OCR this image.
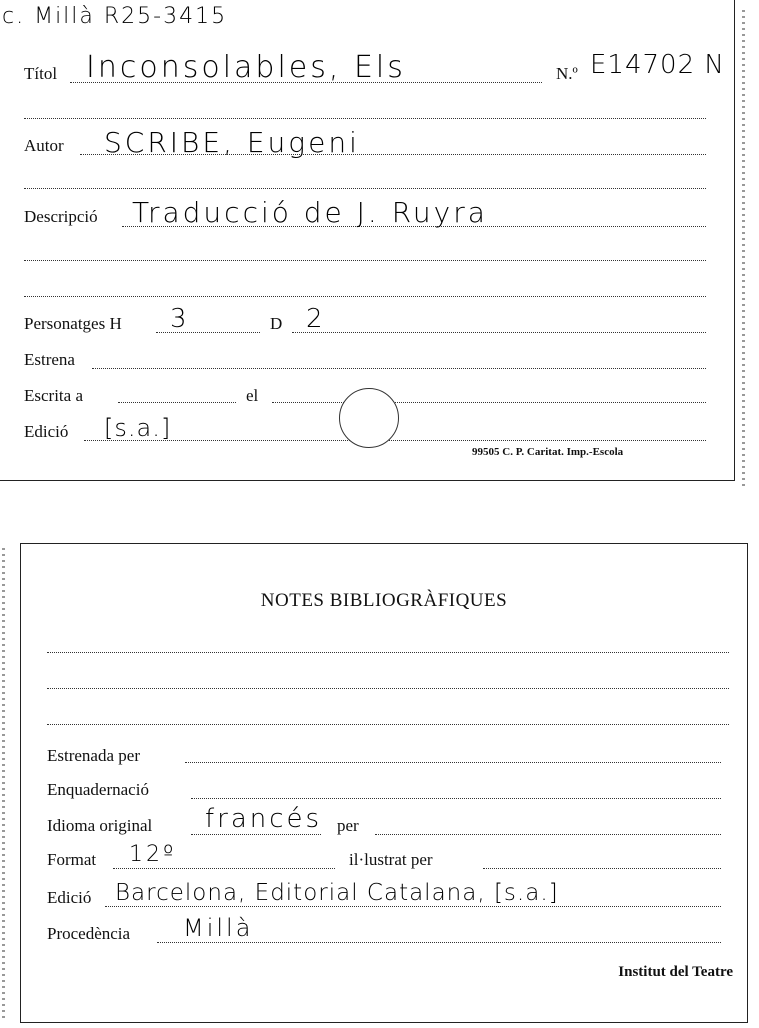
c. Millà R25-3415
Títol Inconsolables, Els	N.º E14702 N
Autor SCRIBE, Eugeni
Descripció Traducció de J. Ruyra
Personatges H 3	D 2
Estrena
Escrita a	el
Edició [s.a.]
99505 C. P. Caritat. Imp.-Escola
NOTES BIBLIOGRÀFIQUES
Estrenada per
Enquadernació
Idioma original francés per
Format 12º	il·lustrat per
Edició Barcelona, Editorial Catalana, [s.a.]
Procedència Millà
Institut del Teatre
